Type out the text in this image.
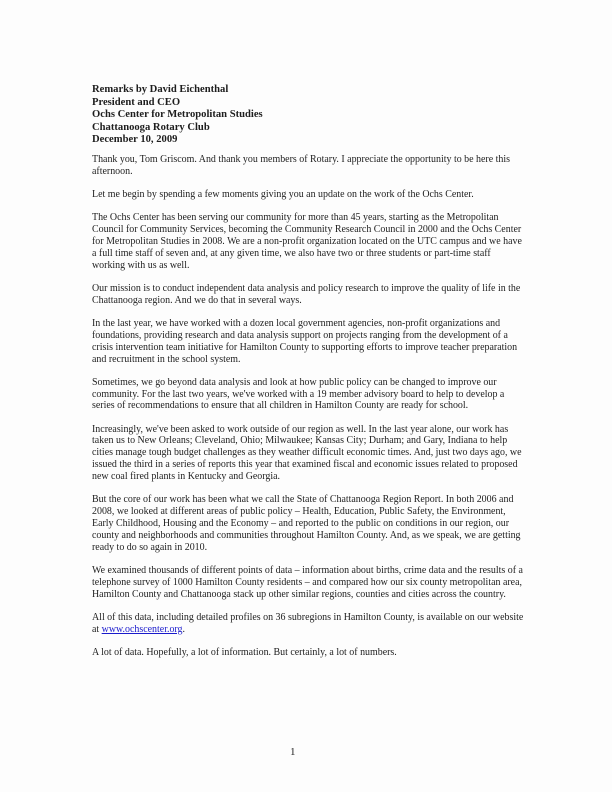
Remarks by David Eichenthal
President and CEO
Ochs Center for Metropolitan Studies
Chattanooga Rotary Club
December 10, 2009

Thank you, Tom Griscom. And thank you members of Rotary. I appreciate the opportunity to be here this afternoon.

Let me begin by spending a few moments giving you an update on the work of the Ochs Center.

The Ochs Center has been serving our community for more than 45 years, starting as the Metropolitan Council for Community Services, becoming the Community Research Council in 2000 and the Ochs Center for Metropolitan Studies in 2008. We are a non-profit organization located on the UTC campus and we have a full time staff of seven and, at any given time, we also have two or three students or part-time staff working with us as well.

Our mission is to conduct independent data analysis and policy research to improve the quality of life in the Chattanooga region. And we do that in several ways.

In the last year, we have worked with a dozen local government agencies, non-profit organizations and foundations, providing research and data analysis support on projects ranging from the development of a crisis intervention team initiative for Hamilton County to supporting efforts to improve teacher preparation and recruitment in the school system.

Sometimes, we go beyond data analysis and look at how public policy can be changed to improve our community. For the last two years, we've worked with a 19 member advisory board to help to develop a series of recommendations to ensure that all children in Hamilton County are ready for school.

Increasingly, we've been asked to work outside of our region as well. In the last year alone, our work has taken us to New Orleans; Cleveland, Ohio; Milwaukee; Kansas City; Durham; and Gary, Indiana to help cities manage tough budget challenges as they weather difficult economic times. And, just two days ago, we issued the third in a series of reports this year that examined fiscal and economic issues related to proposed new coal fired plants in Kentucky and Georgia.

But the core of our work has been what we call the State of Chattanooga Region Report. In both 2006 and 2008, we looked at different areas of public policy – Health, Education, Public Safety, the Environment, Early Childhood, Housing and the Economy – and reported to the public on conditions in our region, our county and neighborhoods and communities throughout Hamilton County. And, as we speak, we are getting ready to do so again in 2010.

We examined thousands of different points of data – information about births, crime data and the results of a telephone survey of 1000 Hamilton County residents – and compared how our six county metropolitan area, Hamilton County and Chattanooga stack up other similar regions, counties and cities across the country.

All of this data, including detailed profiles on 36 subregions in Hamilton County, is available on our website at www.ochscenter.org.

A lot of data. Hopefully, a lot of information. But certainly, a lot of numbers.

1
